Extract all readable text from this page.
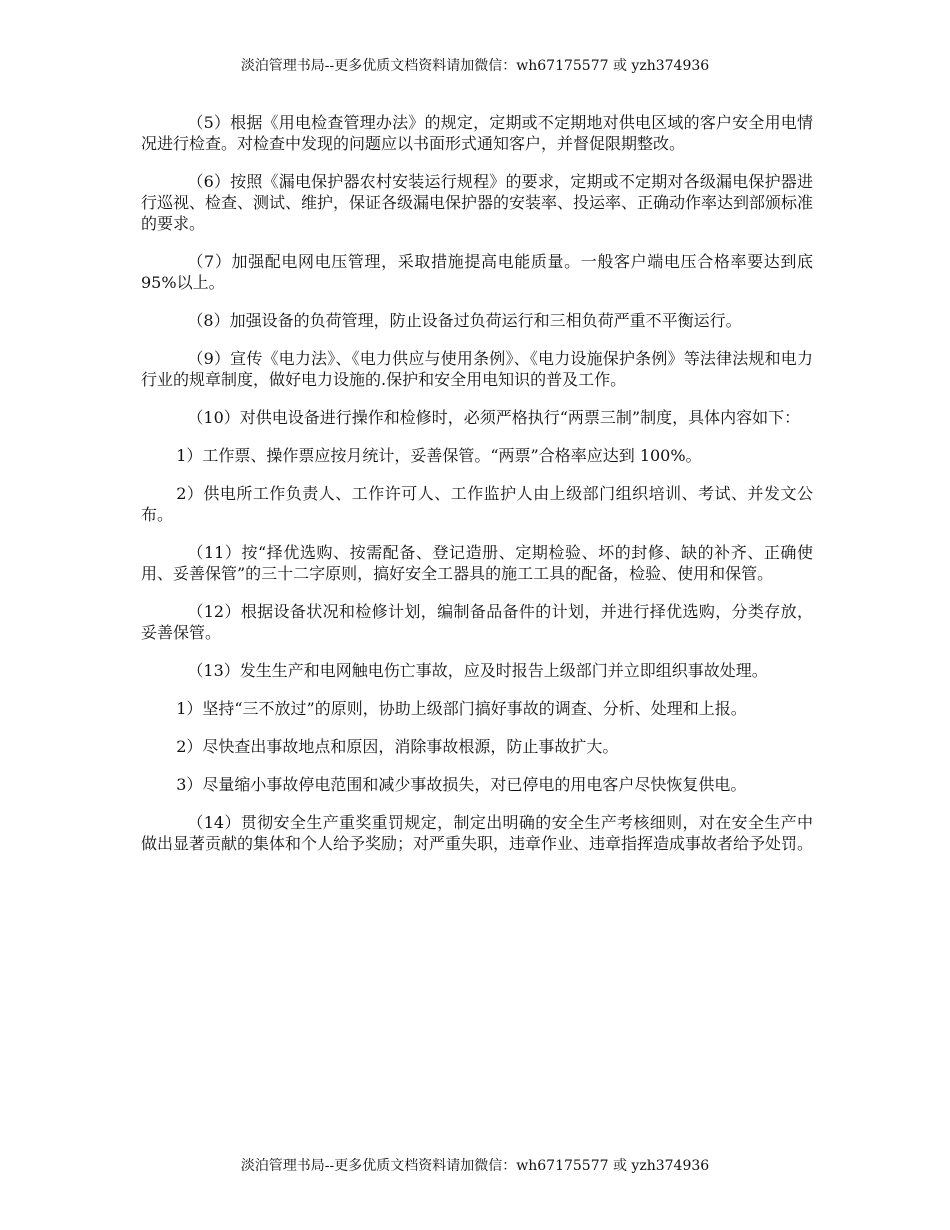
淡泊管理书局--更多优质文档资料请加微信：wh67175577 或 yzh374936

（5）根据《用电检查管理办法》的规定，定期或不定期地对供电区域的客户安全用电情况进行检查。对检查中发现的问题应以书面形式通知客户，并督促限期整改。

（6）按照《漏电保护器农村安装运行规程》的要求，定期或不定期对各级漏电保护器进行巡视、检查、测试、维护，保证各级漏电保护器的安装率、投运率、正确动作率达到部颁标准的要求。

（7）加强配电网电压管理，采取措施提高电能质量。一般客户端电压合格率要达到底 95%以上。

（8）加强设备的负荷管理，防止设备过负荷运行和三相负荷严重不平衡运行。

（9）宣传《电力法》、《电力供应与使用条例》、《电力设施保护条例》等法律法规和电力行业的规章制度，做好电力设施的.保护和安全用电知识的普及工作。

（10）对供电设备进行操作和检修时，必须严格执行“两票三制”制度，具体内容如下：

1）工作票、操作票应按月统计，妥善保管。“两票”合格率应达到 100%。

2）供电所工作负责人、工作许可人、工作监护人由上级部门组织培训、考试、并发文公布。

（11）按“择优选购、按需配备、登记造册、定期检验、坏的封修、缺的补齐、正确使用、妥善保管”的三十二字原则，搞好安全工器具的施工工具的配备，检验、使用和保管。

（12）根据设备状况和检修计划，编制备品备件的计划，并进行择优选购，分类存放，妥善保管。

（13）发生生产和电网触电伤亡事故，应及时报告上级部门并立即组织事故处理。

1）坚持“三不放过”的原则，协助上级部门搞好事故的调查、分析、处理和上报。

2）尽快查出事故地点和原因，消除事故根源，防止事故扩大。

3）尽量缩小事故停电范围和减少事故损失，对已停电的用电客户尽快恢复供电。

（14）贯彻安全生产重奖重罚规定，制定出明确的安全生产考核细则，对在安全生产中做出显著贡献的集体和个人给予奖励；对严重失职，违章作业、违章指挥造成事故者给予处罚。

淡泊管理书局--更多优质文档资料请加微信：wh67175577 或 yzh374936
